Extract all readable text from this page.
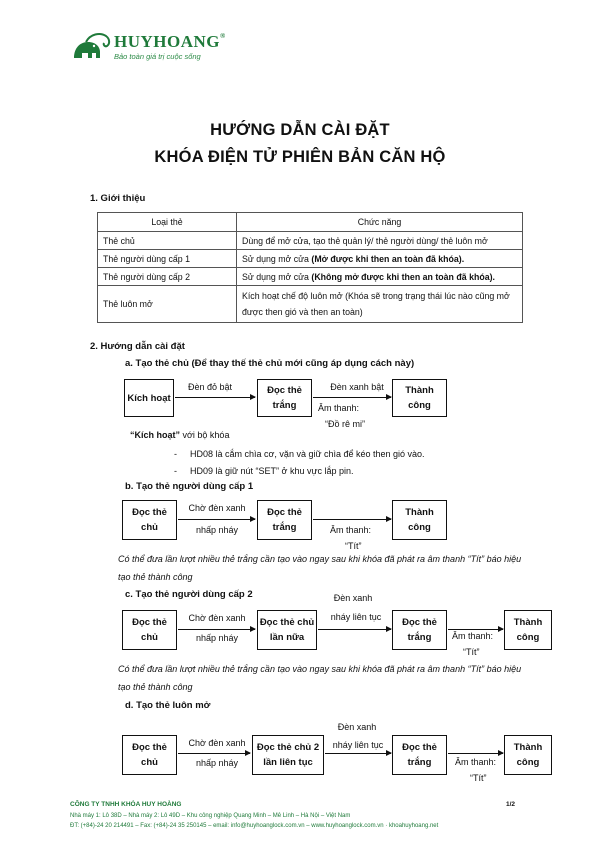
HUYHOANG®
Bảo toàn giá trị cuộc sống
HƯỚNG DẪN CÀI ĐẶT
KHÓA ĐIỆN TỬ PHIÊN BẢN CĂN HỘ
1. Giới thiệu
Loại thẻ	Chức năng
Thẻ chủ	Dùng để mở cửa, tạo thẻ quản lý/ thẻ người dùng/ thẻ luôn mở
Thẻ người dùng cấp 1	Sử dụng mở cửa (Mở được khi then an toàn đã khóa).
Thẻ người dùng cấp 2	Sử dụng mở cửa (Không mở được khi then an toàn đã khóa).
Thẻ luôn mở	Kích hoạt chế độ luôn mở (Khóa sẽ trong trạng thái lúc nào cũng mở được then gió và then an toàn)
2. Hướng dẫn cài đặt
a. Tạo thẻ chủ (Để thay thế thẻ chủ mới cũng áp dụng cách này)
Kích hoạt
Đèn đỏ bật	Đọc thẻ trắng
Đèn xanh bật
Âm thanh:
“Đồ rê mi”
Thành công
“Kích hoạt” với bộ khóa
- HD08 là cắm chìa cơ, vặn và giữ chìa để kéo then gió vào.
- HD09 là giữ nút “SET” ở khu vực lắp pin.
b. Tạo thẻ người dùng cấp 1
Đọc thẻ chủ
Chờ đèn xanh
nhấp nháy
Đọc thẻ trắng	Âm thanh:
“Tít”
Thành công
Có thể đưa lần lượt nhiều thẻ trắng cần tạo vào ngay sau khi khóa đã phát ra âm thanh “Tít” báo hiệu tạo thẻ thành công
c. Tạo thẻ người dùng cấp 2	Đèn xanh
Đọc thẻ chủ
Chờ đèn xanh
nhấp nháy
Đọc thẻ chủ lần nữa
nháy liên tục	Đọc thẻ trắng	Âm thanh:
“Tít”
Thành công
Có thể đưa lần lượt nhiều thẻ trắng cần tạo vào ngay sau khi khóa đã phát ra âm thanh “Tít” báo hiệu tạo thẻ thành công
d. Tạo thẻ luôn mở
Đèn xanh
Đọc thẻ chủ
Chờ đèn xanh
nhấp nháy
Đọc thẻ chủ 2 lần liên tục
nháy liên tục	Đọc thẻ trắng	Âm thanh:
“Tít”
Thành công
CÔNG TY TNHH KHÓA HUY HOÀNG	1/2
Nhà máy 1: Lô 38D – Nhà máy 2: Lô 49D – Khu công nghiệp Quang Minh – Mê Linh – Hà Nội – Việt Nam
ĐT: (+84)-24 20 214491 – Fax: (+84)-24 35 250145 – email: info@huyhoanglock.com.vn – www.huyhoanglock.com.vn · khoahuyhoang.net
